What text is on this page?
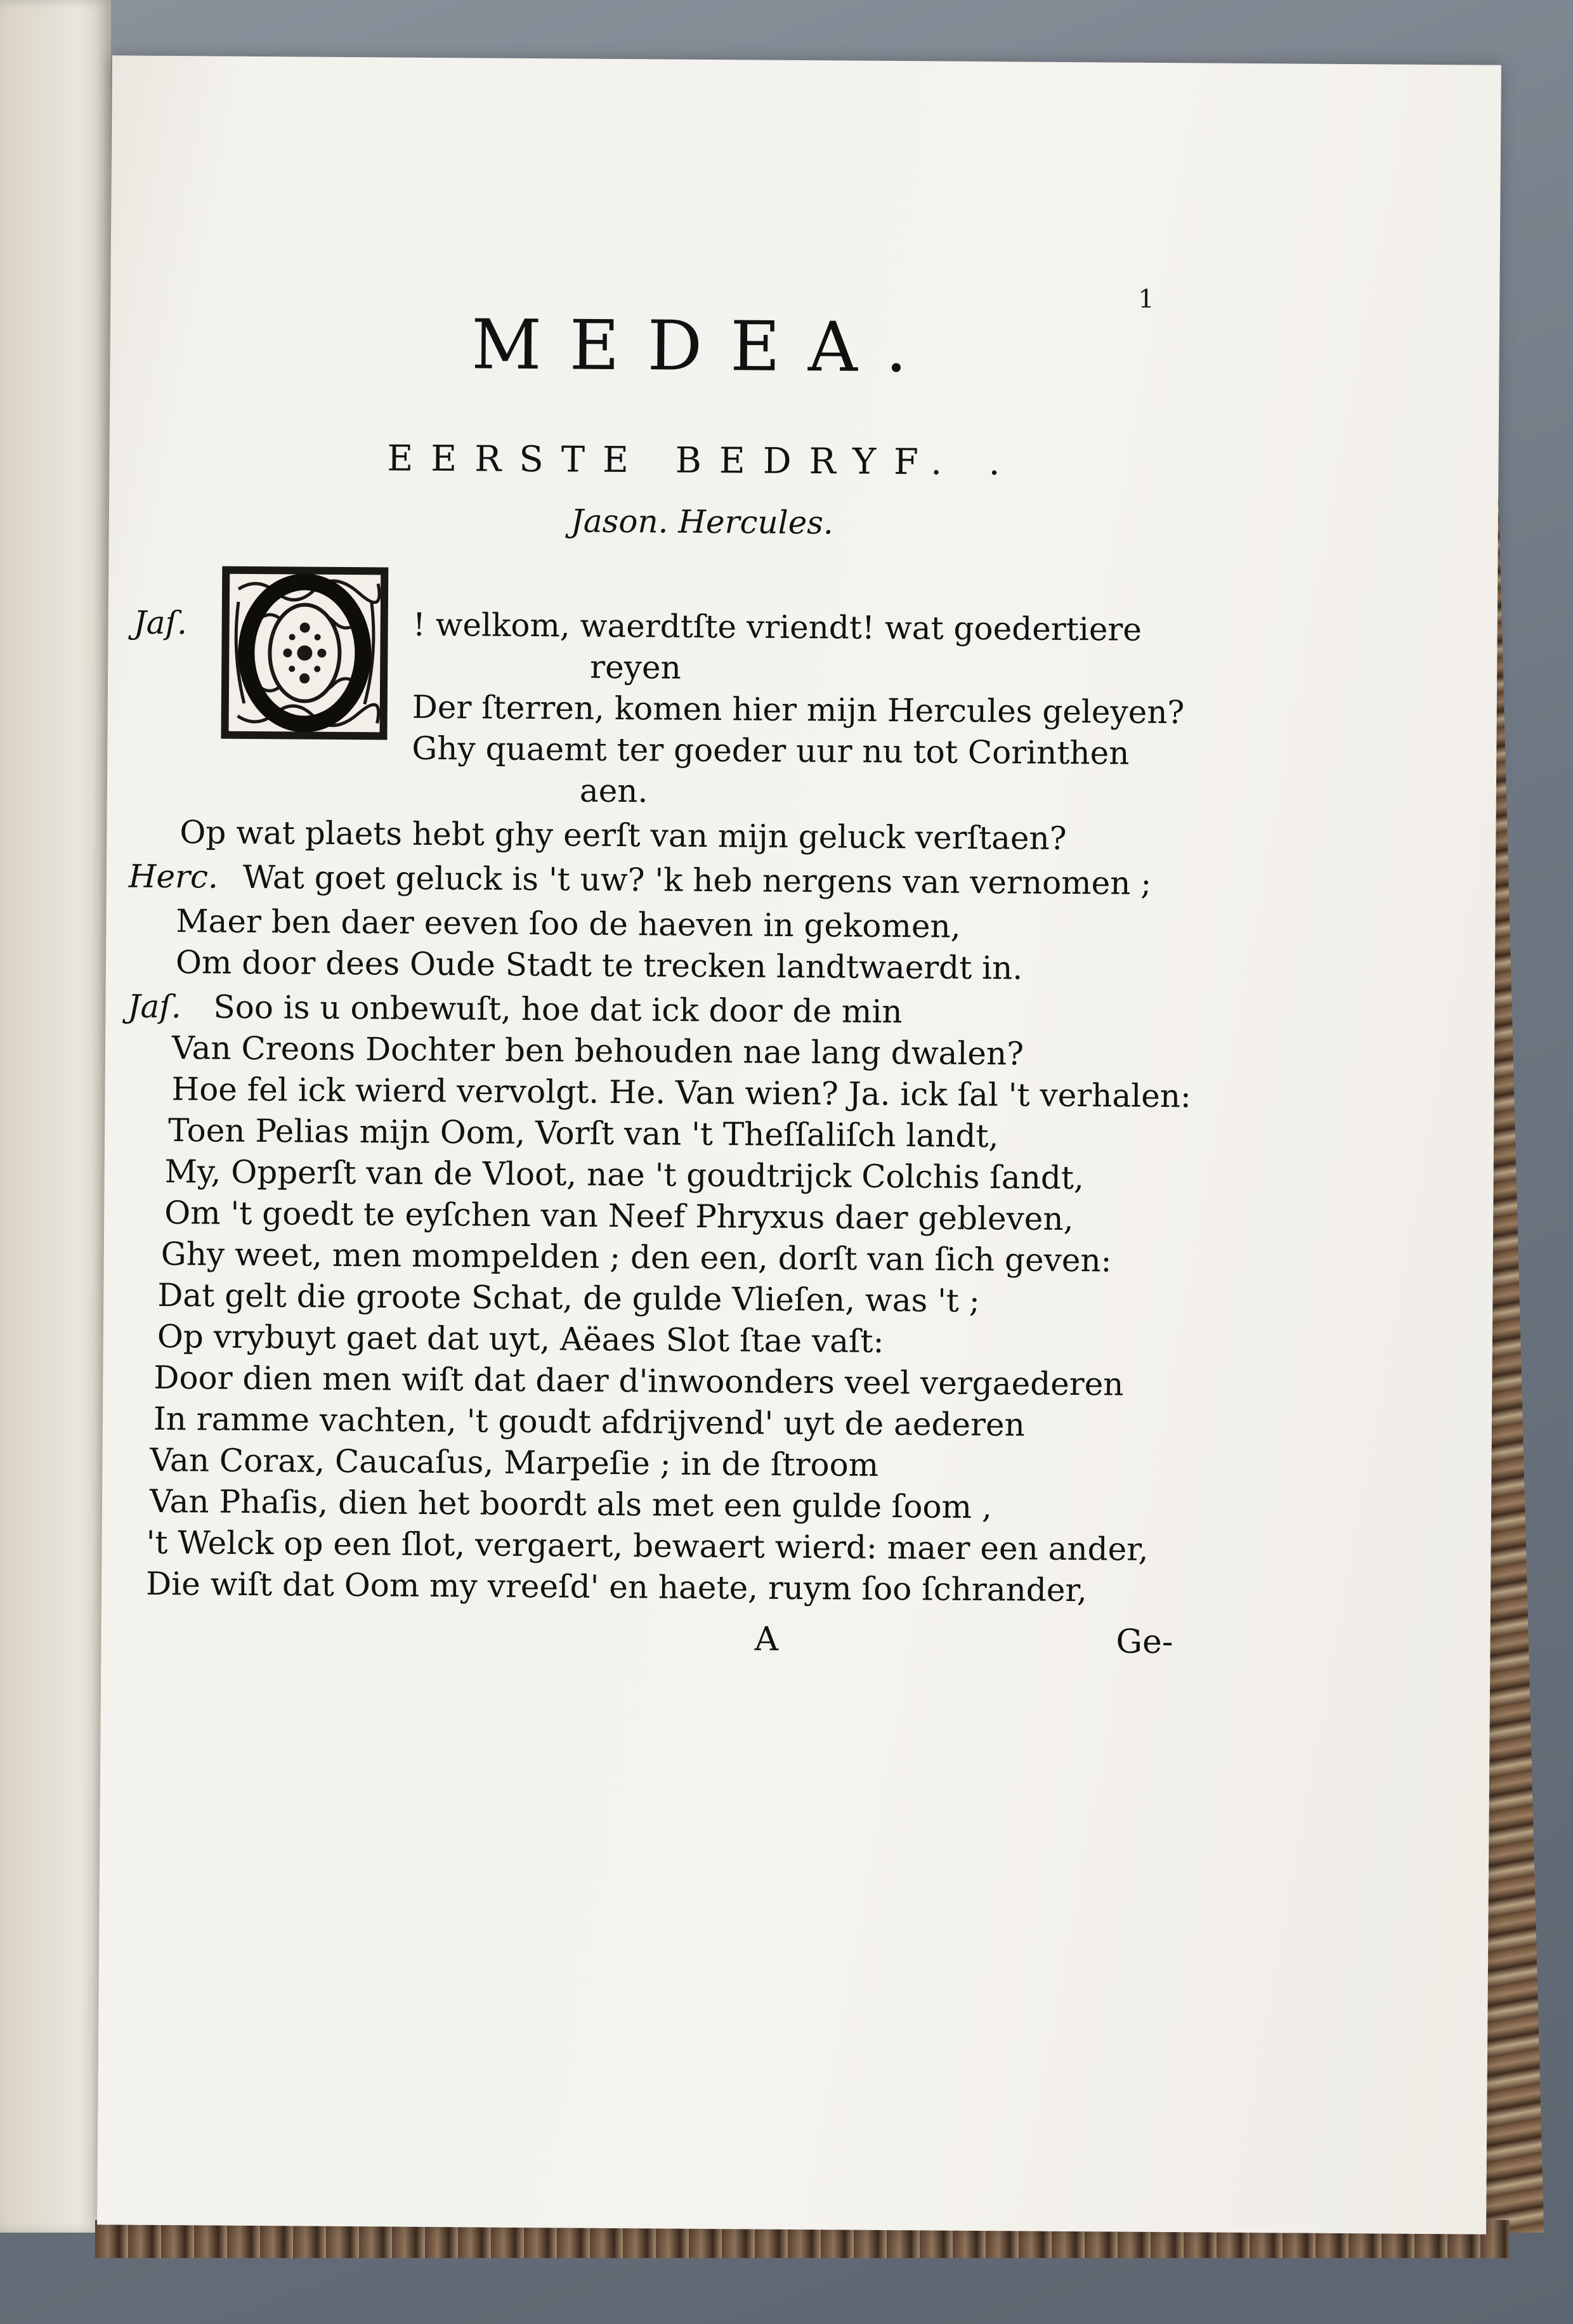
1
MEDEA.
EERSTE BEDRYF. .
Jason. Hercules.
Jaſ.	! welkom, waerdtſte vriendt! wat goedertiere
reyen
Der ſterren, komen hier mijn Hercules geleyen?
Ghy quaemt ter goeder uur nu tot Corinthen
aen.
Op wat plaets hebt ghy eerſt van mijn geluck verſtaen?
Herc. Wat goet geluck is 't uw? 'k heb nergens van vernomen ;
Maer ben daer eeven ſoo de haeven in gekomen,
Om door dees Oude Stadt te trecken landtwaerdt in.
Jaſ. Soo is u onbewuſt, hoe dat ick door de min
Van Creons Dochter ben behouden nae lang dwalen?
Hoe fel ick wierd vervolgt. He. Van wien? Ja. ick ſal 't verhalen:
Toen Pelias mijn Oom, Vorſt van 't Theſſaliſch landt,
My, Opperſt van de Vloot, nae 't goudtrijck Colchis ſandt,
Om 't goedt te eyſchen van Neef Phryxus daer gebleven,
Ghy weet, men mompelden ; den een, dorſt van ſich geven:
Dat gelt die groote Schat, de gulde Vlieſen, was 't ;
Op vrybuyt gaet dat uyt, Aëaes Slot ſtae vaſt:
Door dien men wiſt dat daer d'inwoonders veel vergaederen
In ramme vachten, 't goudt afdrijvend' uyt de aederen
Van Corax, Caucaſus, Marpeſie ; in de ſtroom
Van Phaſis, dien het boordt als met een gulde ſoom ,
't Welck op een ſlot, vergaert, bewaert wierd: maer een ander,
Die wiſt dat Oom my vreeſd' en haete, ruym ſoo ſchrander,
A	Ge-
